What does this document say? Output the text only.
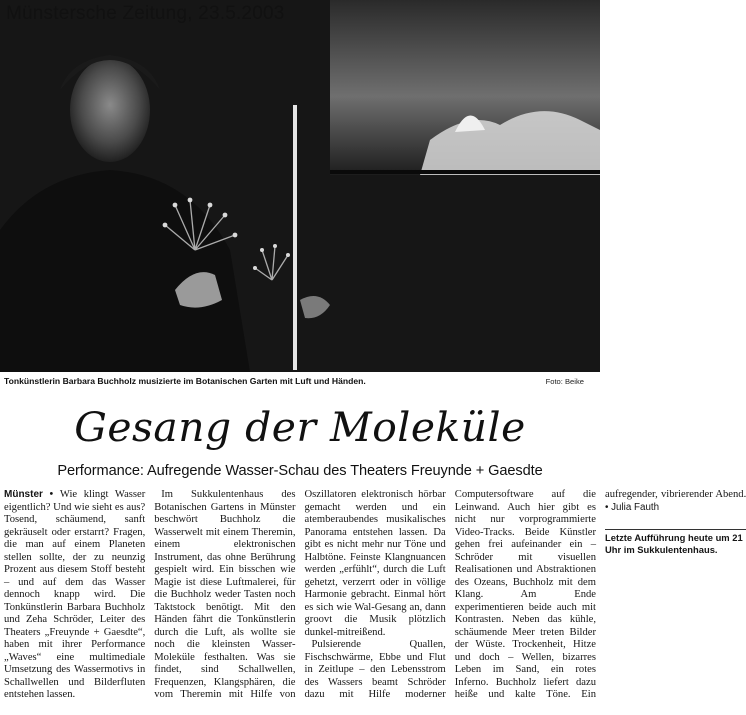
Münstersche Zeitung, 23.5.2003
Tonkünstlerin Barbara Buchholz musizierte im Botanischen Garten mit Luft und Händen.	Foto: Beike
Gesang der Moleküle
Performance: Aufregende Wasser-Schau des Theaters Freuynde + Gaesdte

Münster • Wie klingt Wasser eigentlich? Und wie sieht es aus? Tosend, schäumend, sanft gekräuselt oder erstarrt? Fragen, die man auf einem Planeten stellen sollte, der zu neunzig Prozent aus diesem Stoff besteht – und auf dem das Wasser dennoch knapp wird. Die Tonkünstlerin Barbara Buchholz und Zeha Schröder, Leiter des Theaters „Freuynde + Gaesdte“, haben mit ihrer Performance „Waves“ eine multimediale Umsetzung des Wassermotivs in Schallwellen und Bilderfluten entstehen lassen.

Im Sukkulentenhaus des Botanischen Gartens in Münster beschwört Buchholz die Wasserwelt mit einem Theremin, einem elektronischen Instrument, das ohne Berührung gespielt wird. Ein bisschen wie Magie ist diese Luftmalerei, für die Buchholz weder Tasten noch Taktstock benötigt. Mit den Händen fährt die Tonkünstlerin durch die Luft, als wollte sie noch die kleinsten Wasser-Moleküle festhalten. Was sie findet, sind Schallwellen, Frequenzen, Klangsphären, die vom Theremin mit Hilfe von Oszillatoren elektronisch hörbar gemacht werden und ein atemberaubendes musikalisches Panorama entstehen lassen. Da gibt es nicht mehr nur Töne und Halbtöne. Feinste Klangnuancen werden „erfühlt“, durch die Luft gehetzt, verzerrt oder in völlige Harmonie gebracht. Einmal hört es sich wie Wal-Gesang an, dann groovt die Musik plötzlich dunkel-mitreißend.

Pulsierende Quallen, Fischschwärme, Ebbe und Flut in Zeitlupe – den Lebensstrom des Wassers beamt Schröder dazu mit Hilfe moderner Computersoftware auf die Leinwand. Auch hier gibt es nicht nur vorprogrammierte Video-Tracks. Beide Künstler gehen frei aufeinander ein – Schröder mit visuellen Realisationen und Abstraktionen des Ozeans, Buchholz mit dem Klang. Am Ende experimentieren beide auch mit Kontrasten. Neben das kühle, schäumende Meer treten Bilder der Wüste. Trockenheit, Hitze und doch – Wellen, bizarres Leben im Sand, ein rotes Inferno. Buchholz liefert dazu heiße und kalte Töne. Ein aufregender, vibrierender Abend. • Julia Fauth

Letzte Aufführung heute um 21 Uhr im Sukkulentenhaus.
